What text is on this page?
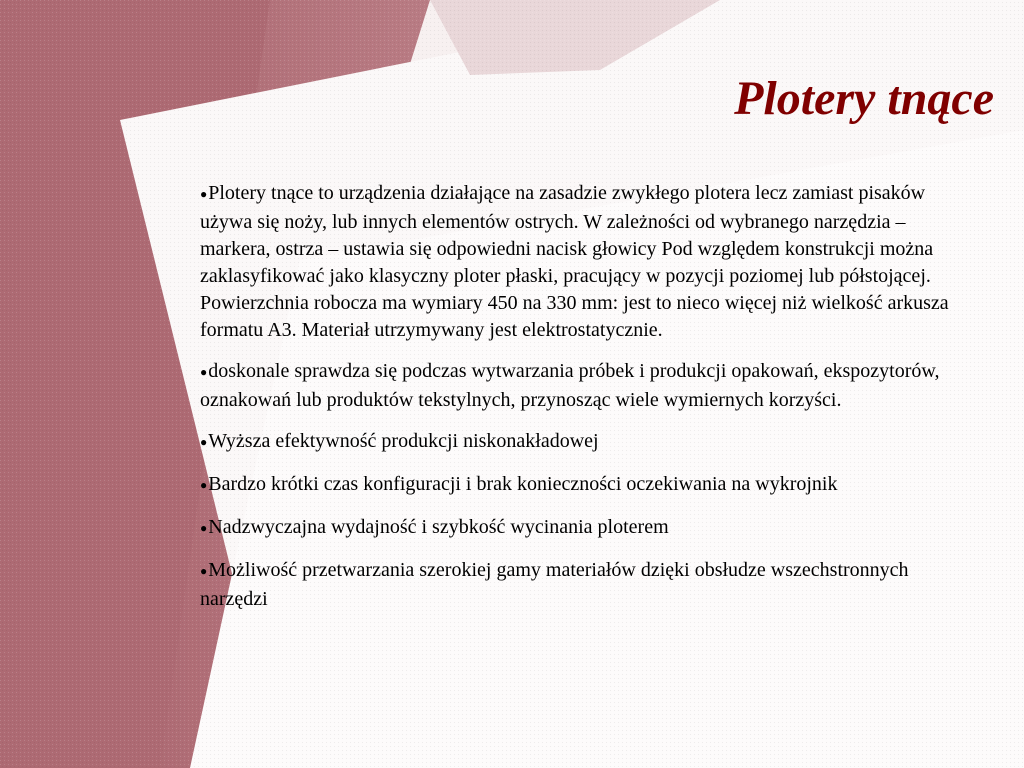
Plotery tnące
●Plotery tnące to urządzenia działające na zasadzie zwykłego plotera lecz zamiast pisaków używa się noży, lub innych elementów ostrych. W zależności od wybranego narzędzia – markera, ostrza – ustawia się odpowiedni nacisk głowicy Pod względem konstrukcji można zaklasyfikować jako klasyczny ploter płaski, pracujący w pozycji poziomej lub półstojącej. Powierzchnia robocza ma wymiary 450 na 330 mm: jest to nieco więcej niż wielkość arkusza formatu A3. Materiał utrzymywany jest elektrostatycznie.
●doskonale sprawdza się podczas wytwarzania próbek i produkcji opakowań, ekspozytorów, oznakowań lub produktów tekstylnych, przynosząc wiele wymiernych korzyści.
●Wyższa efektywność produkcji niskonakładowej
●Bardzo krótki czas konfiguracji i brak konieczności oczekiwania na wykrojnik
●Nadzwyczajna wydajność i szybkość wycinania ploterem
●Możliwość przetwarzania szerokiej gamy materiałów dzięki obsłudze wszechstronnych narzędzi
